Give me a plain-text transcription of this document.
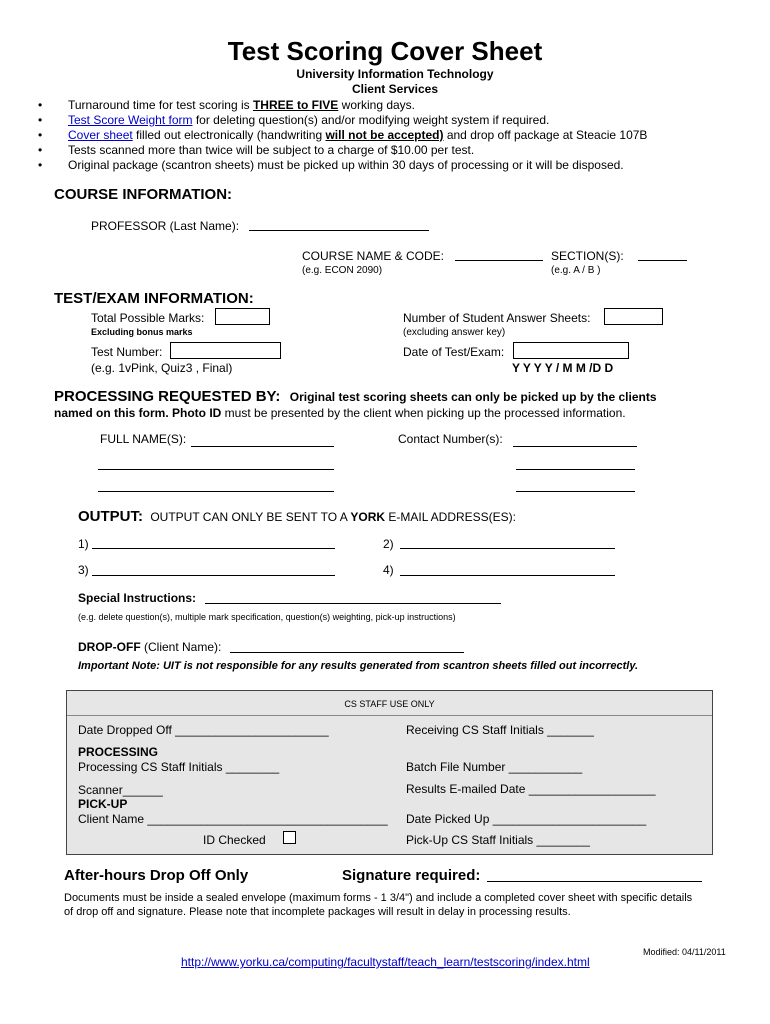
Test Scoring Cover Sheet
University Information Technology
Client Services
• Turnaround time for test scoring is THREE to FIVE working days.
• Test Score Weight form for deleting question(s) and/or modifying weight system if required.
• Cover sheet filled out electronically (handwriting will not be accepted) and drop off package at Steacie 107B
• Tests scanned more than twice will be subject to a charge of $10.00 per test.
• Original package (scantron sheets) must be picked up within 30 days of processing or it will be disposed.
COURSE INFORMATION:
PROFESSOR (Last Name):
COURSE NAME & CODE:
(e.g. ECON 2090)
SECTION(S):
(e.g. A / B )
TEST/EXAM INFORMATION:
Total Possible Marks:
Excluding bonus marks
Number of Student Answer Sheets:
(excluding answer key)
Test Number:
(e.g. 1vPink, Quiz3 , Final)
Date of Test/Exam:
Y Y Y Y / M M /D D
PROCESSING REQUESTED BY: Original test scoring sheets can only be picked up by the clients
named on this form. Photo ID must be presented by the client when picking up the processed information.
FULL NAME(S):	Contact Number(s):
OUTPUT: OUTPUT CAN ONLY BE SENT TO A YORK E-MAIL ADDRESS(ES):
1)	2)
3)	4)
Special Instructions:
(e.g. delete question(s), multiple mark specification, question(s) weighting, pick-up instructions)
DROP-OFF (Client Name):
Important Note: UIT is not responsible for any results generated from scantron sheets filled out incorrectly.
CS STAFF USE ONLY
Date Dropped Off _______________________	Receiving CS Staff Initials _______
PROCESSING
Processing CS Staff Initials ________	Batch File Number ___________
Scanner______	Results E-mailed Date ___________________
PICK-UP
Client Name ____________________________________ Date Picked Up _______________________
ID Checked	Pick-Up CS Staff Initials ________
After-hours Drop Off Only	Signature required:
Documents must be inside a sealed envelope (maximum forms - 1 3/4") and include a completed cover sheet with specific details
of drop off and signature. Please note that incomplete packages will result in delay in processing results.
Modified: 04/11/2011
http://www.yorku.ca/computing/facultystaff/teach_learn/testscoring/index.html
